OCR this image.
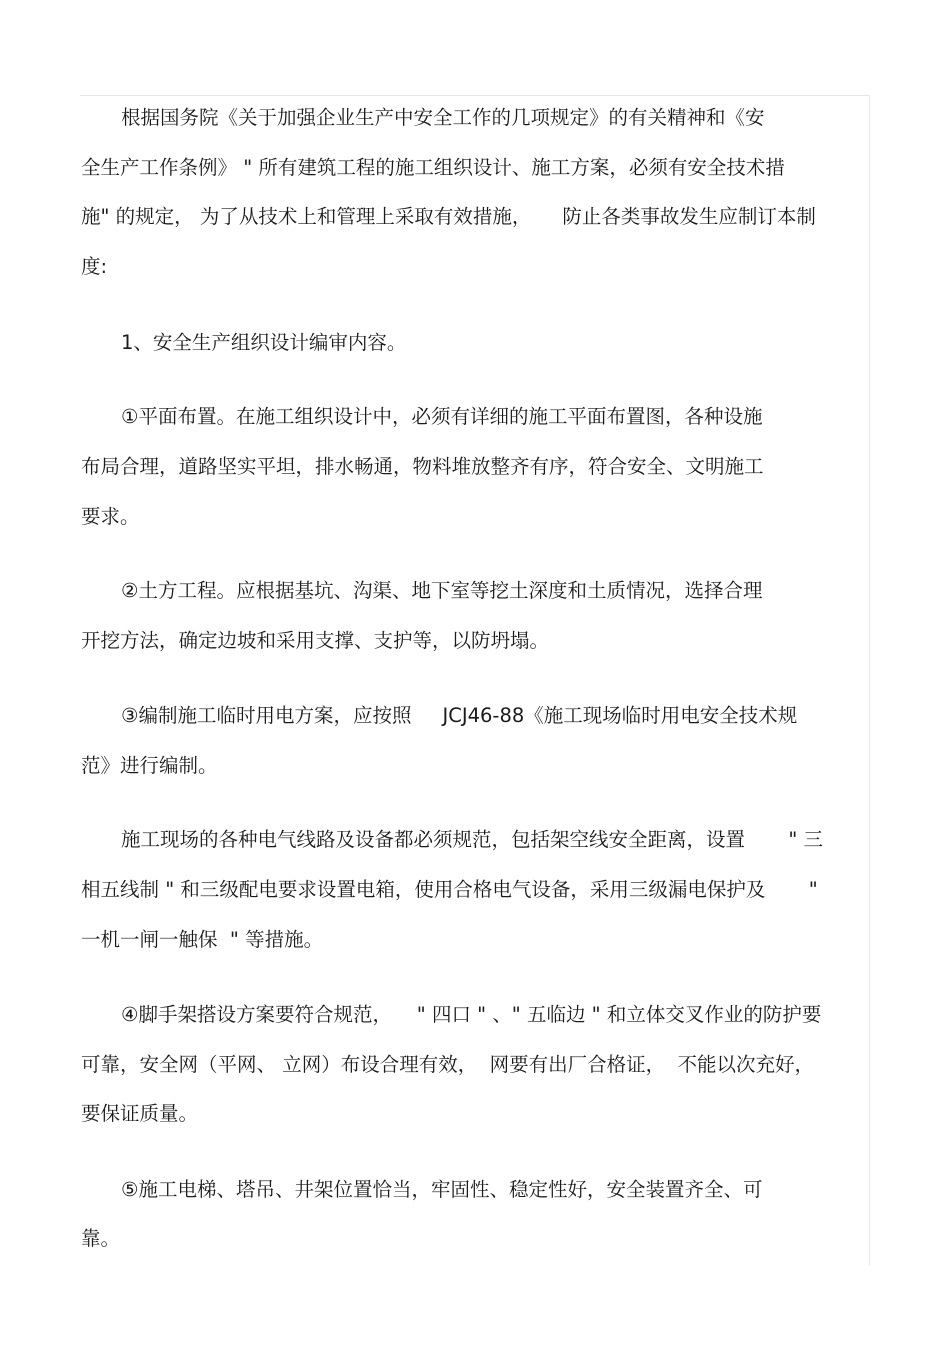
根据国务院《关于加强企业生产中安全工作的几项规定》的有关精神和《安

全生产工作条例》 " 所有建筑工程的施工组织设计、施工方案，必须有安全技术措

施" 的规定， 为了从技术上和管理上采取有效措施，     防止各类事故发生应制订本制

度:

1、安全生产组织设计编审内容。

①平面布置。在施工组织设计中，必须有详细的施工平面布置图，各种设施

布局合理，道路坚实平坦，排水畅通，物料堆放整齐有序，符合安全、文明施工

要求。

②土方工程。应根据基坑、沟渠、地下室等挖土深度和土质情况，选择合理

开挖方法，确定边坡和采用支撑、支护等，以防坍塌。

③编制施工临时用电方案，应按照     JCJ46-88《施工现场临时用电安全技术规

范》进行编制。

施工现场的各种电气线路及设备都必须规范，包括架空线安全距离，设置       " 三

相五线制 " 和三级配电要求设置电箱，使用合格电气设备，采用三级漏电保护及       "

一机一闸一触保  " 等措施。

④脚手架搭设方案要符合规范，    " 四口 " 、" 五临边 " 和立体交叉作业的防护要

可靠，安全网（平网、 立网）布设合理有效，  网要有出厂合格证，  不能以次充好，

要保证质量。

⑤施工电梯、塔吊、井架位置恰当，牢固性、稳定性好，安全装置齐全、可

靠。
